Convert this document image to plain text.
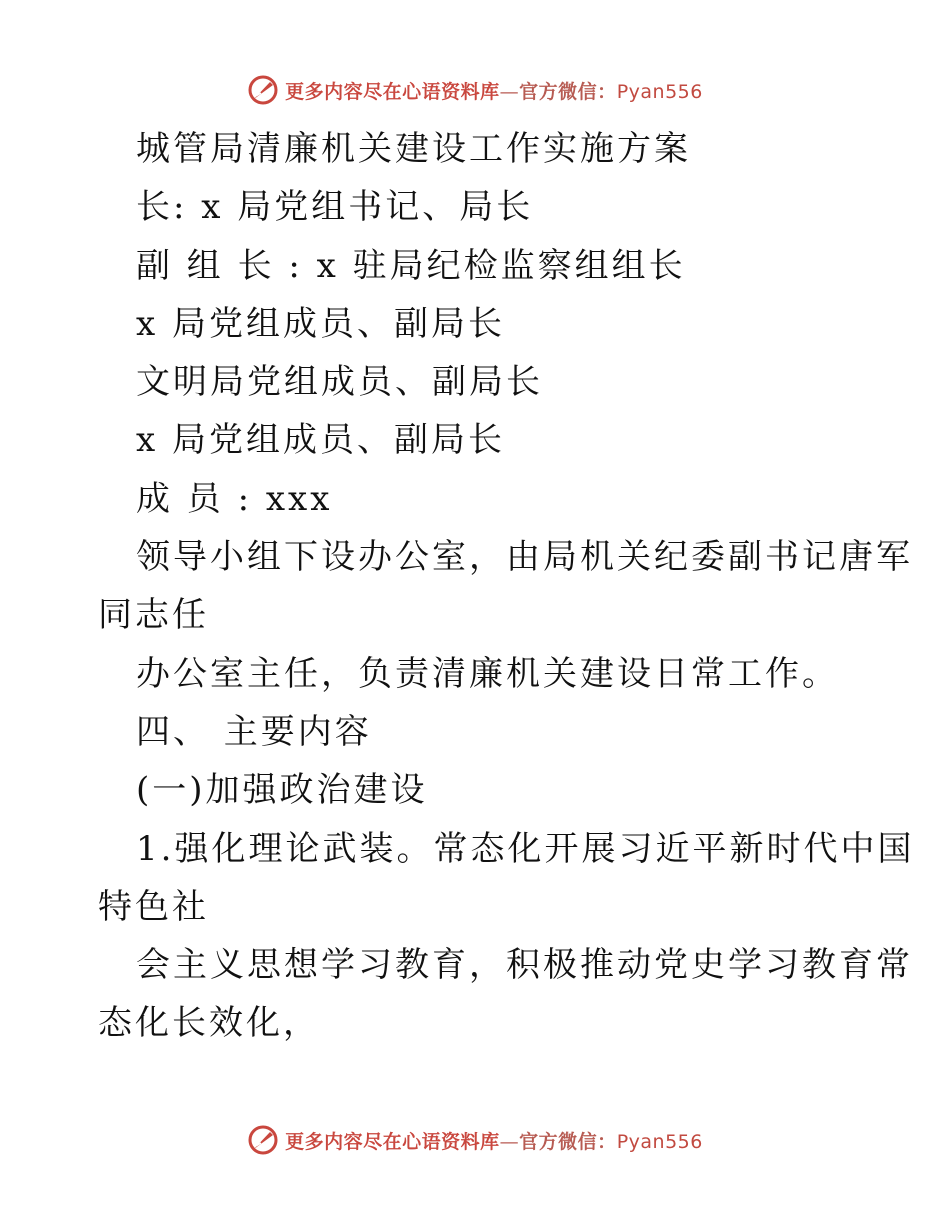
更多内容尽在心语资料库—官方微信：Pyan556
城管局清廉机关建设工作实施方案
长: x 局党组书记、局长
副 组 长 : x 驻局纪检监察组组长
x 局党组成员、副局长
文明局党组成员、副局长
x 局党组成员、副局长
成 员 : xxx
领导小组下设办公室，由局机关纪委副书记唐军
同志任
办公室主任，负责清廉机关建设日常工作。
四、 主要内容
(一)加强政治建设
1.强化理论武装。常态化开展习近平新时代中国
特色社
会主义思想学习教育，积极推动党史学习教育常
态化长效化，
更多内容尽在心语资料库—官方微信：Pyan556
